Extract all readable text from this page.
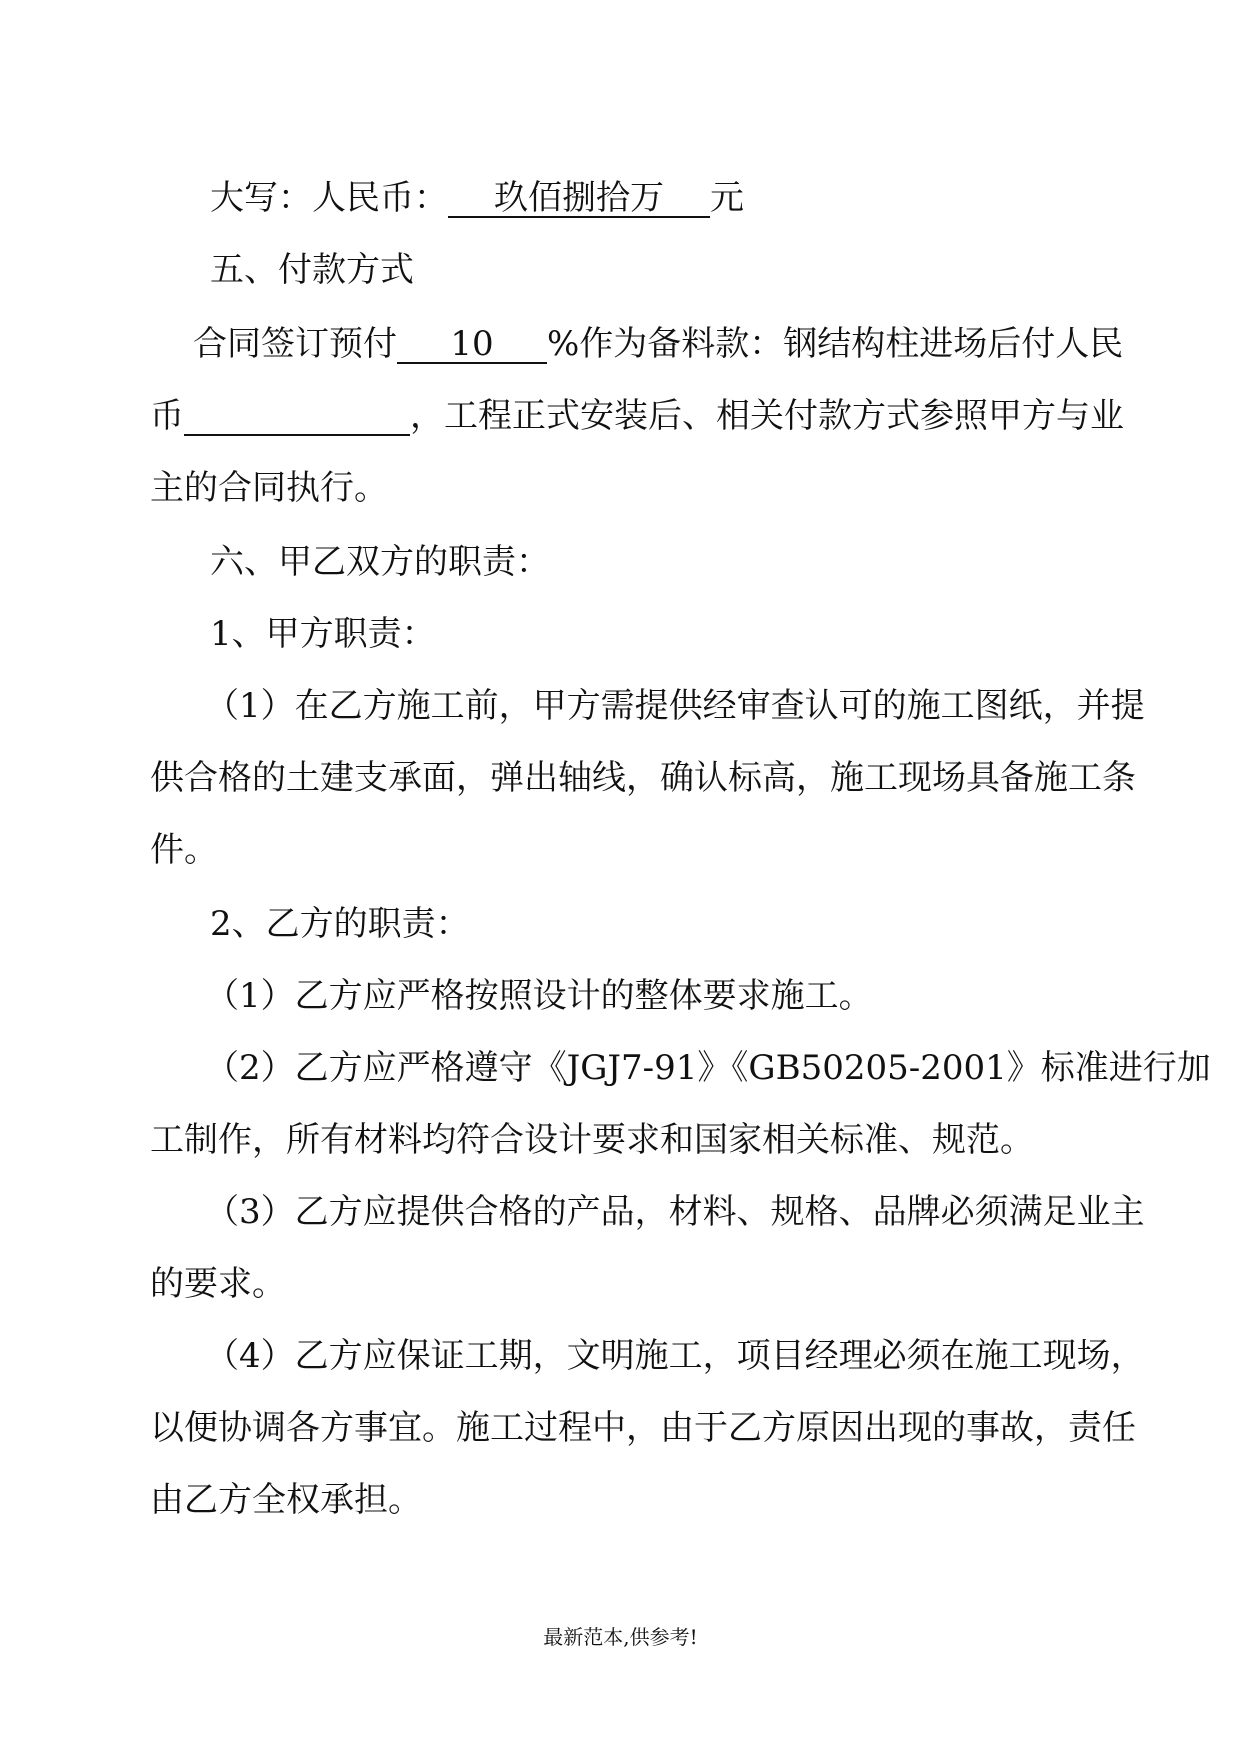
大写：人民币： 玖佰捌拾万 元
五、付款方式
合同签订预付 10 %作为备料款：钢结构柱进场后付人民
币	，工程正式安装后、相关付款方式参照甲方与业
主的合同执行。
六、甲乙双方的职责：
1、甲方职责：
（1）在乙方施工前，甲方需提供经审查认可的施工图纸，并提
供合格的土建支承面，弹出轴线，确认标高，施工现场具备施工条
件。
2、乙方的职责：
（1）乙方应严格按照设计的整体要求施工。
（2）乙方应严格遵守《JGJ7-91》《GB50205-2001》标准进行加
工制作，所有材料均符合设计要求和国家相关标准、规范。
（3）乙方应提供合格的产品，材料、规格、品牌必须满足业主
的要求。
（4）乙方应保证工期，文明施工，项目经理必须在施工现场，
以便协调各方事宜。施工过程中，由于乙方原因出现的事故，责任
由乙方全权承担。
最新范本,供参考!
